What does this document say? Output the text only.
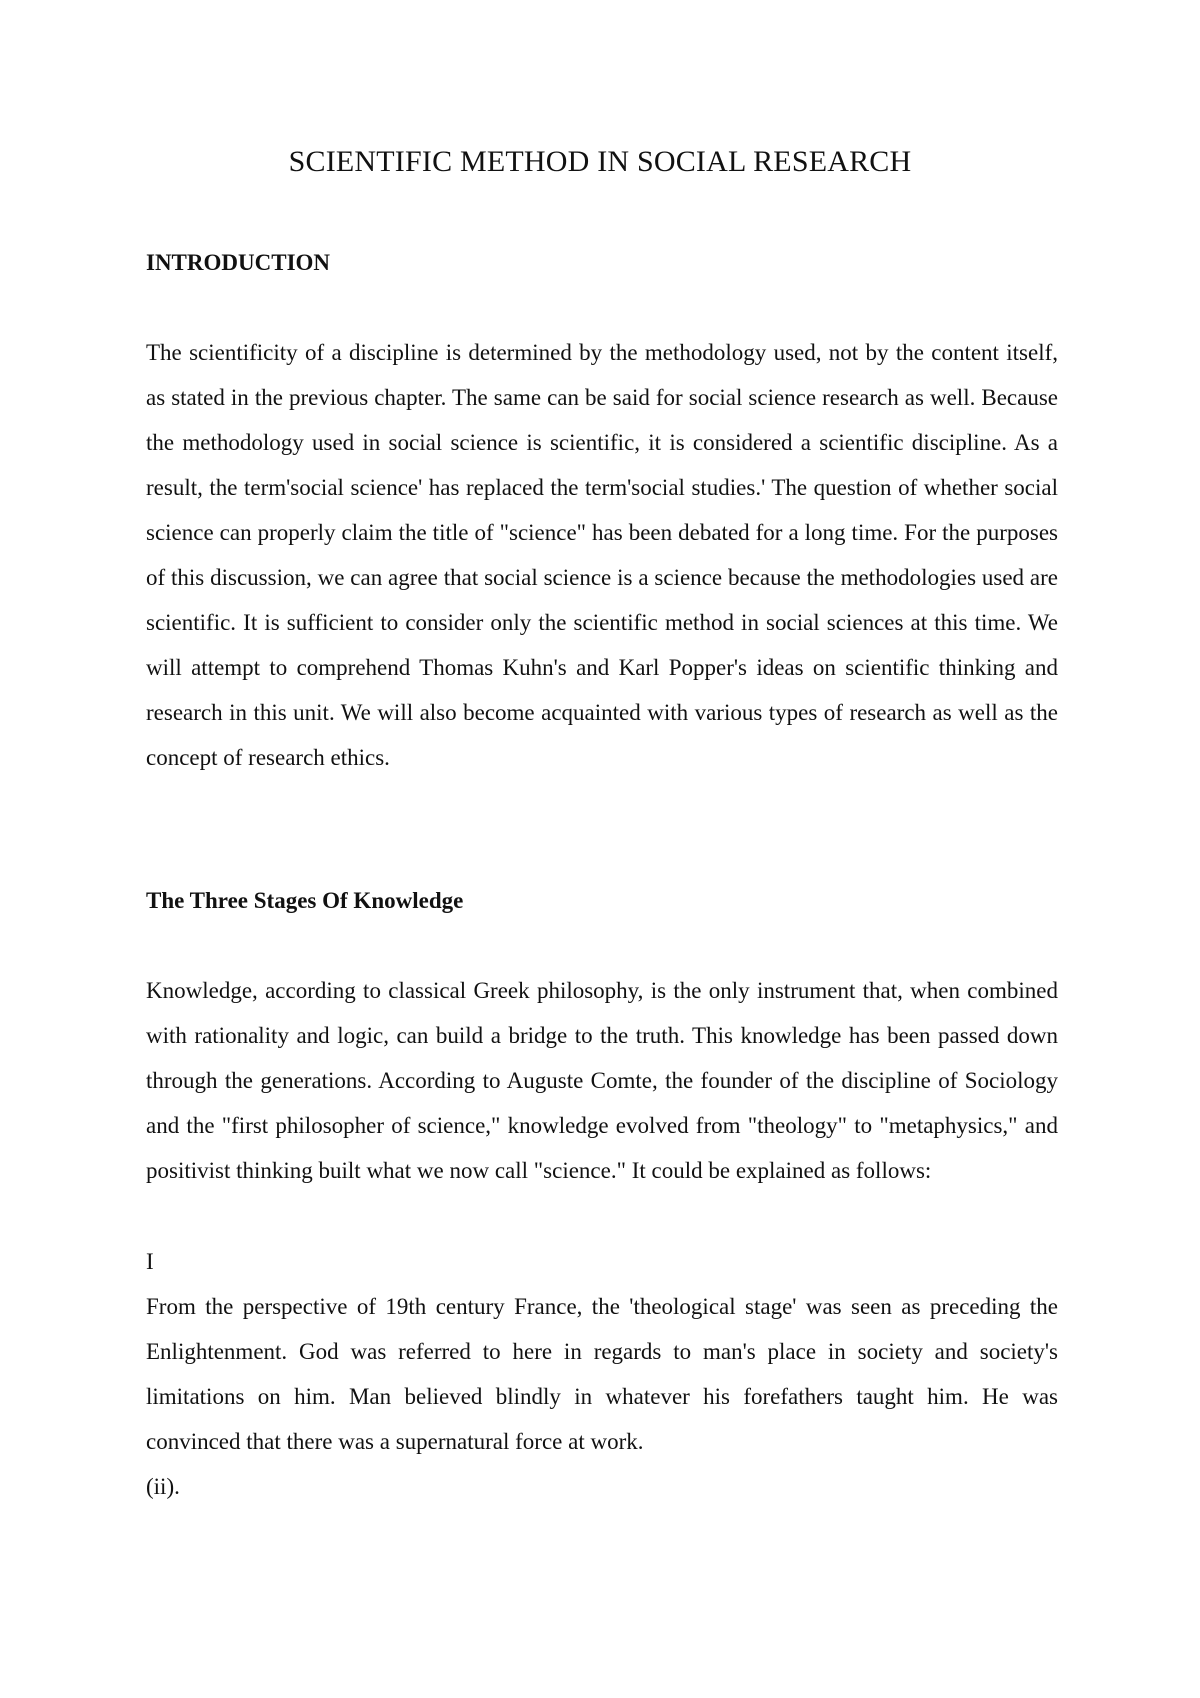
SCIENTIFIC METHOD IN SOCIAL RESEARCH
INTRODUCTION

The scientificity of a discipline is determined by the methodology used, not by the content itself, as stated in the previous chapter. The same can be said for social science research as well. Because the methodology used in social science is scientific, it is considered a scientific discipline. As a result, the term'social science' has replaced the term'social studies.' The question of whether social science can properly claim the title of "science" has been debated for a long time. For the purposes of this discussion, we can agree that social science is a science because the methodologies used are scientific. It is sufficient to consider only the scientific method in social sciences at this time. We will attempt to comprehend Thomas Kuhn's and Karl Popper's ideas on scientific thinking and research in this unit. We will also become acquainted with various types of research as well as the concept of research ethics.

The Three Stages Of Knowledge

Knowledge, according to classical Greek philosophy, is the only instrument that, when combined with rationality and logic, can build a bridge to the truth. This knowledge has been passed down through the generations. According to Auguste Comte, the founder of the discipline of Sociology and the "first philosopher of science," knowledge evolved from "theology" to "metaphysics," and positivist thinking built what we now call "science." It could be explained as follows:

I

From the perspective of 19th century France, the 'theological stage' was seen as preceding the Enlightenment. God was referred to here in regards to man's place in society and society's limitations on him. Man believed blindly in whatever his forefathers taught him. He was convinced that there was a supernatural force at work.

(ii).
